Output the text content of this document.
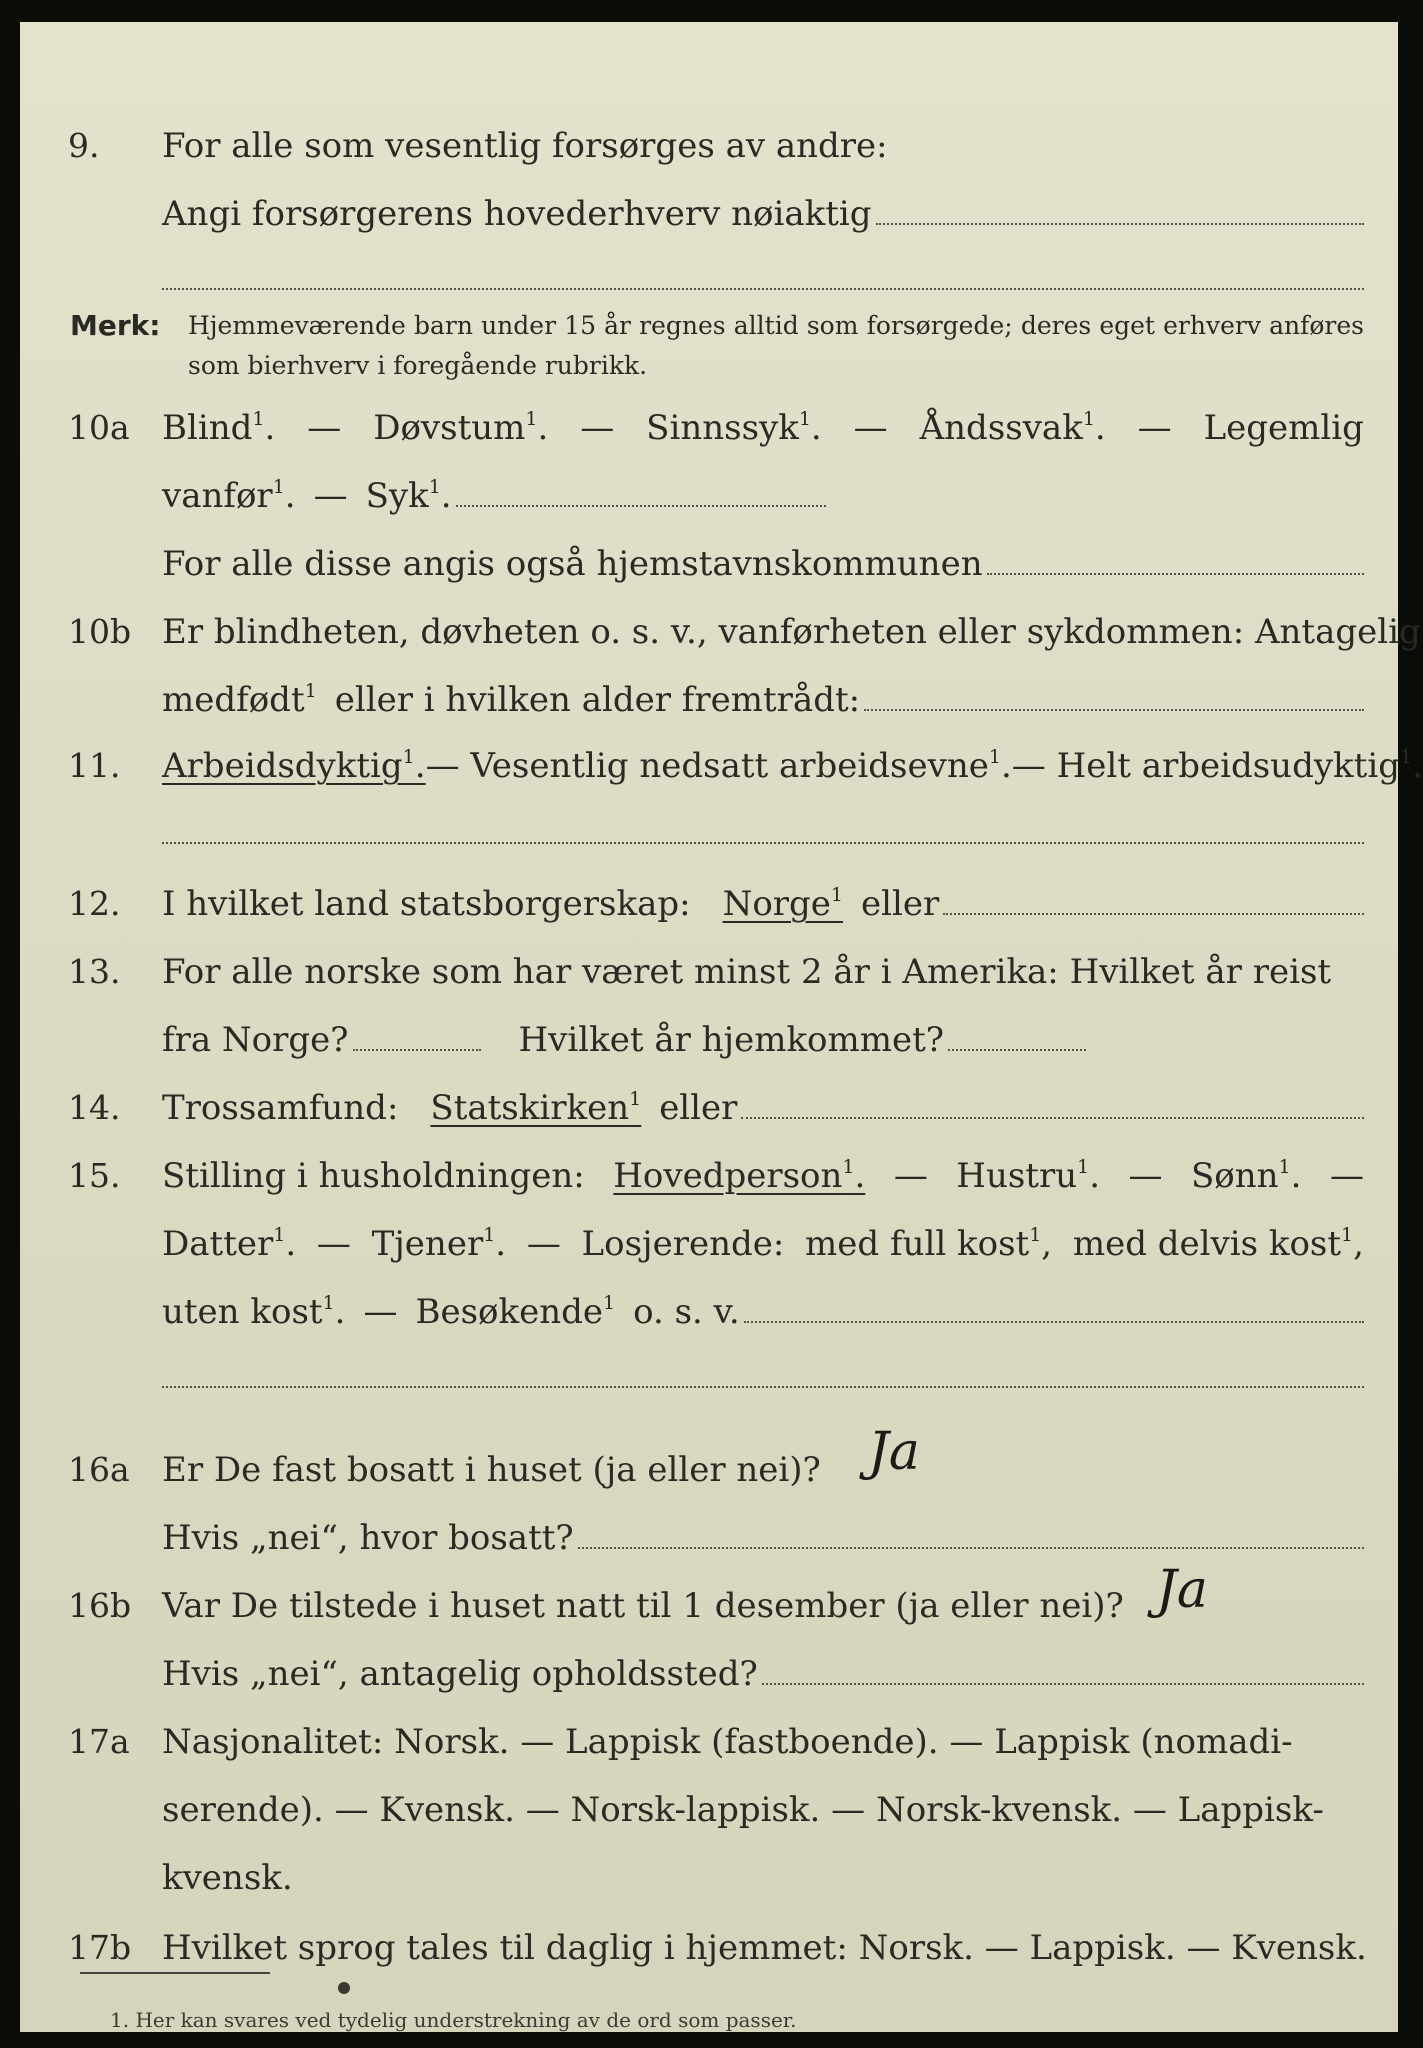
9. For alle som vesentlig forsørges av andre:
Angi forsørgerens hovederhverv nøiaktig
Merk: Hjemmeværende barn under 15 år regnes alltid som forsørgede; deres eget erhverv anføres som bierhverv i foregående rubrikk.
10a Blind$^1$. — Døvstum$^1$. — Sinnssyk$^1$. — Åndssvak$^1$. — Legemlig
vanfør$^1$. — Syk$^1$.
For alle disse angis også hjemstavnskommunen
10b Er blindheten, døvheten o. s. v., vanførheten eller sykdommen: Antagelig
medfødt$^1$ eller i hvilken alder fremtrådt:
11. Arbeidsdyktig$^1$. — Vesentlig nedsatt arbeidsevne$^1$. — Helt arbeidsudyktig$^1$.
12. I hvilket land statsborgerskap: Norge$^1$ eller
13. For alle norske som har været minst 2 år i Amerika: Hvilket år reist
fra Norge?	Hvilket år hjemkommet?
14. Trossamfund: Statskirken$^1$ eller
15. Stilling i husholdningen: Hovedperson$^1$. — Hustru$^1$. — Sønn$^1$. —
Datter$^1$. — Tjener$^1$. — Losjerende: med full kost$^1$, med delvis kost$^1$,
uten kost$^1$. — Besøkende$^1$ o. s. v.
16a Er De fast bosatt i huset (ja eller nei)? Ja
Hvis „nei“, hvor bosatt?
16b Var De tilstede i huset natt til 1 desember (ja eller nei)? Ja
Hvis „nei“, antagelig opholdssted?
17a Nasjonalitet: Norsk. — Lappisk (fastboende). — Lappisk (nomadi-
serende). — Kvensk. — Norsk-lappisk. — Norsk-kvensk. — Lappisk-
kvensk.
17b Hvilket sprog tales til daglig i hjemmet: Norsk. — Lappisk. — Kvensk.
1. Her kan svares ved tydelig understrekning av de ord som passer.
